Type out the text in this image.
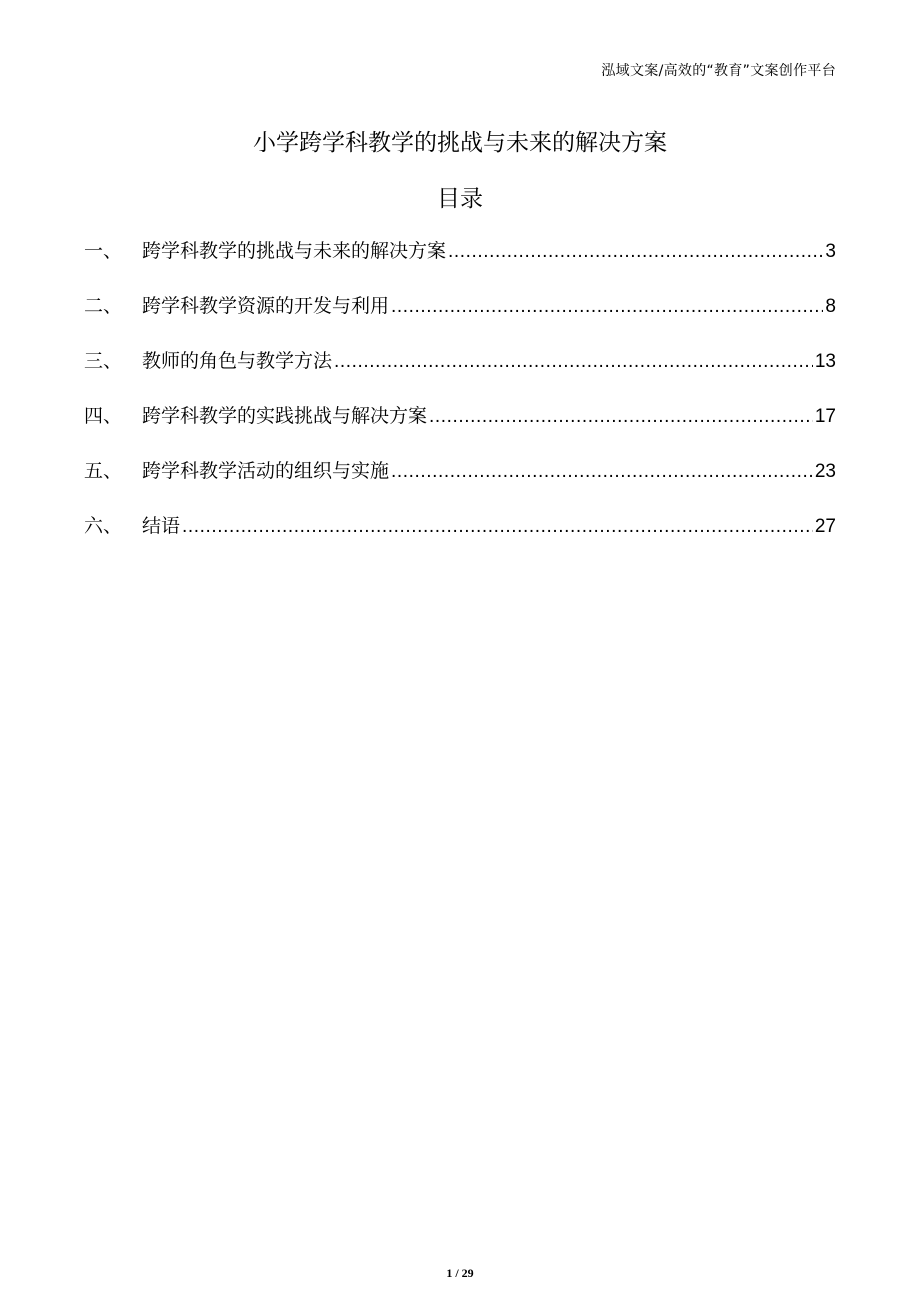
泓域文案/高效的“教育”文案创作平台
小学跨学科教学的挑战与未来的解决方案
目录
一、	跨学科教学的挑战与未来的解决方案 .....	3
二、	跨学科教学资源的开发与利用 .....	8
三、	教师的角色与教学方法 .....	13
四、	跨学科教学的实践挑战与解决方案 .....	17
五、	跨学科教学活动的组织与实施 .....	23
六、	结语 .....	27
1 / 29
